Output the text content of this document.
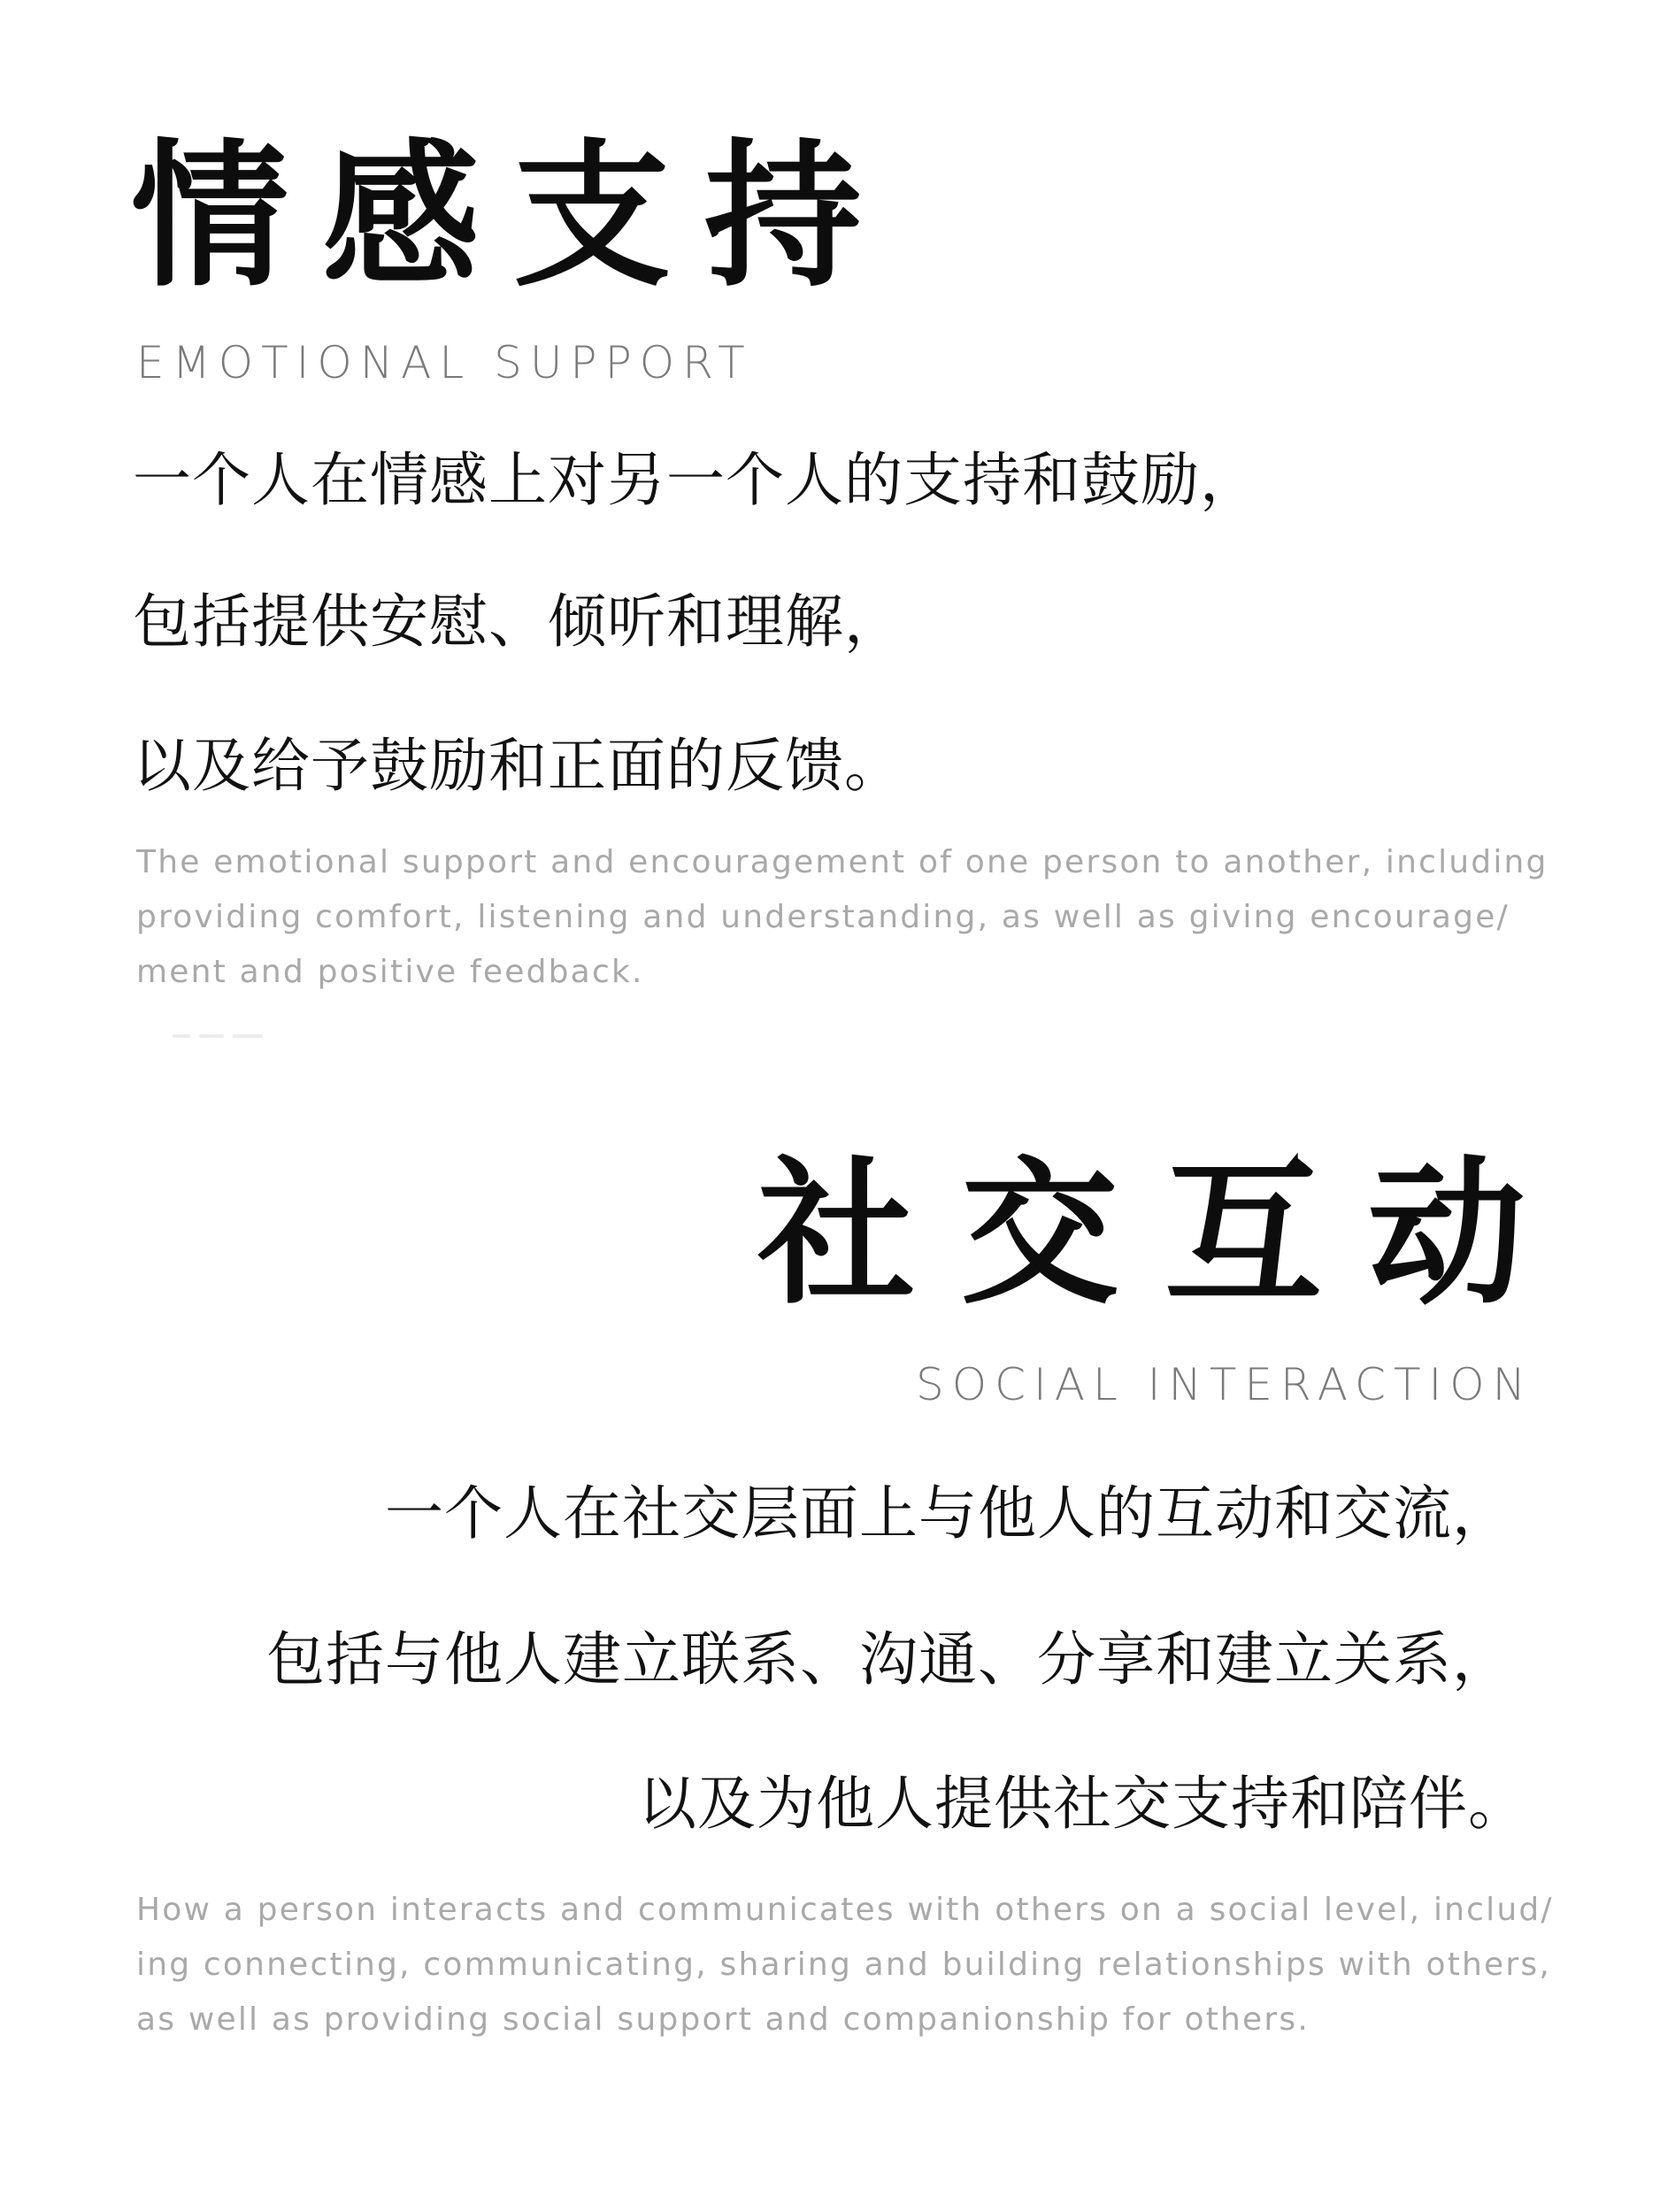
情感支持
EMOTIONAL SUPPORT
一个人在情感上对另一个人的支持和鼓励，
包括提供安慰、倾听和理解，
以及给予鼓励和正面的反馈。
The emotional support and encouragement of one person to another, including
providing comfort, listening and understanding, as well as giving encourage/
ment and positive feedback.
社交互动
SOCIAL INTERACTION
一个人在社交层面上与他人的互动和交流，
包括与他人建立联系、沟通、分享和建立关系，
以及为他人提供社交支持和陪伴。
How a person interacts and communicates with others on a social level, includ/
ing connecting, communicating, sharing and building relationships with others,
as well as providing social support and companionship for others.
